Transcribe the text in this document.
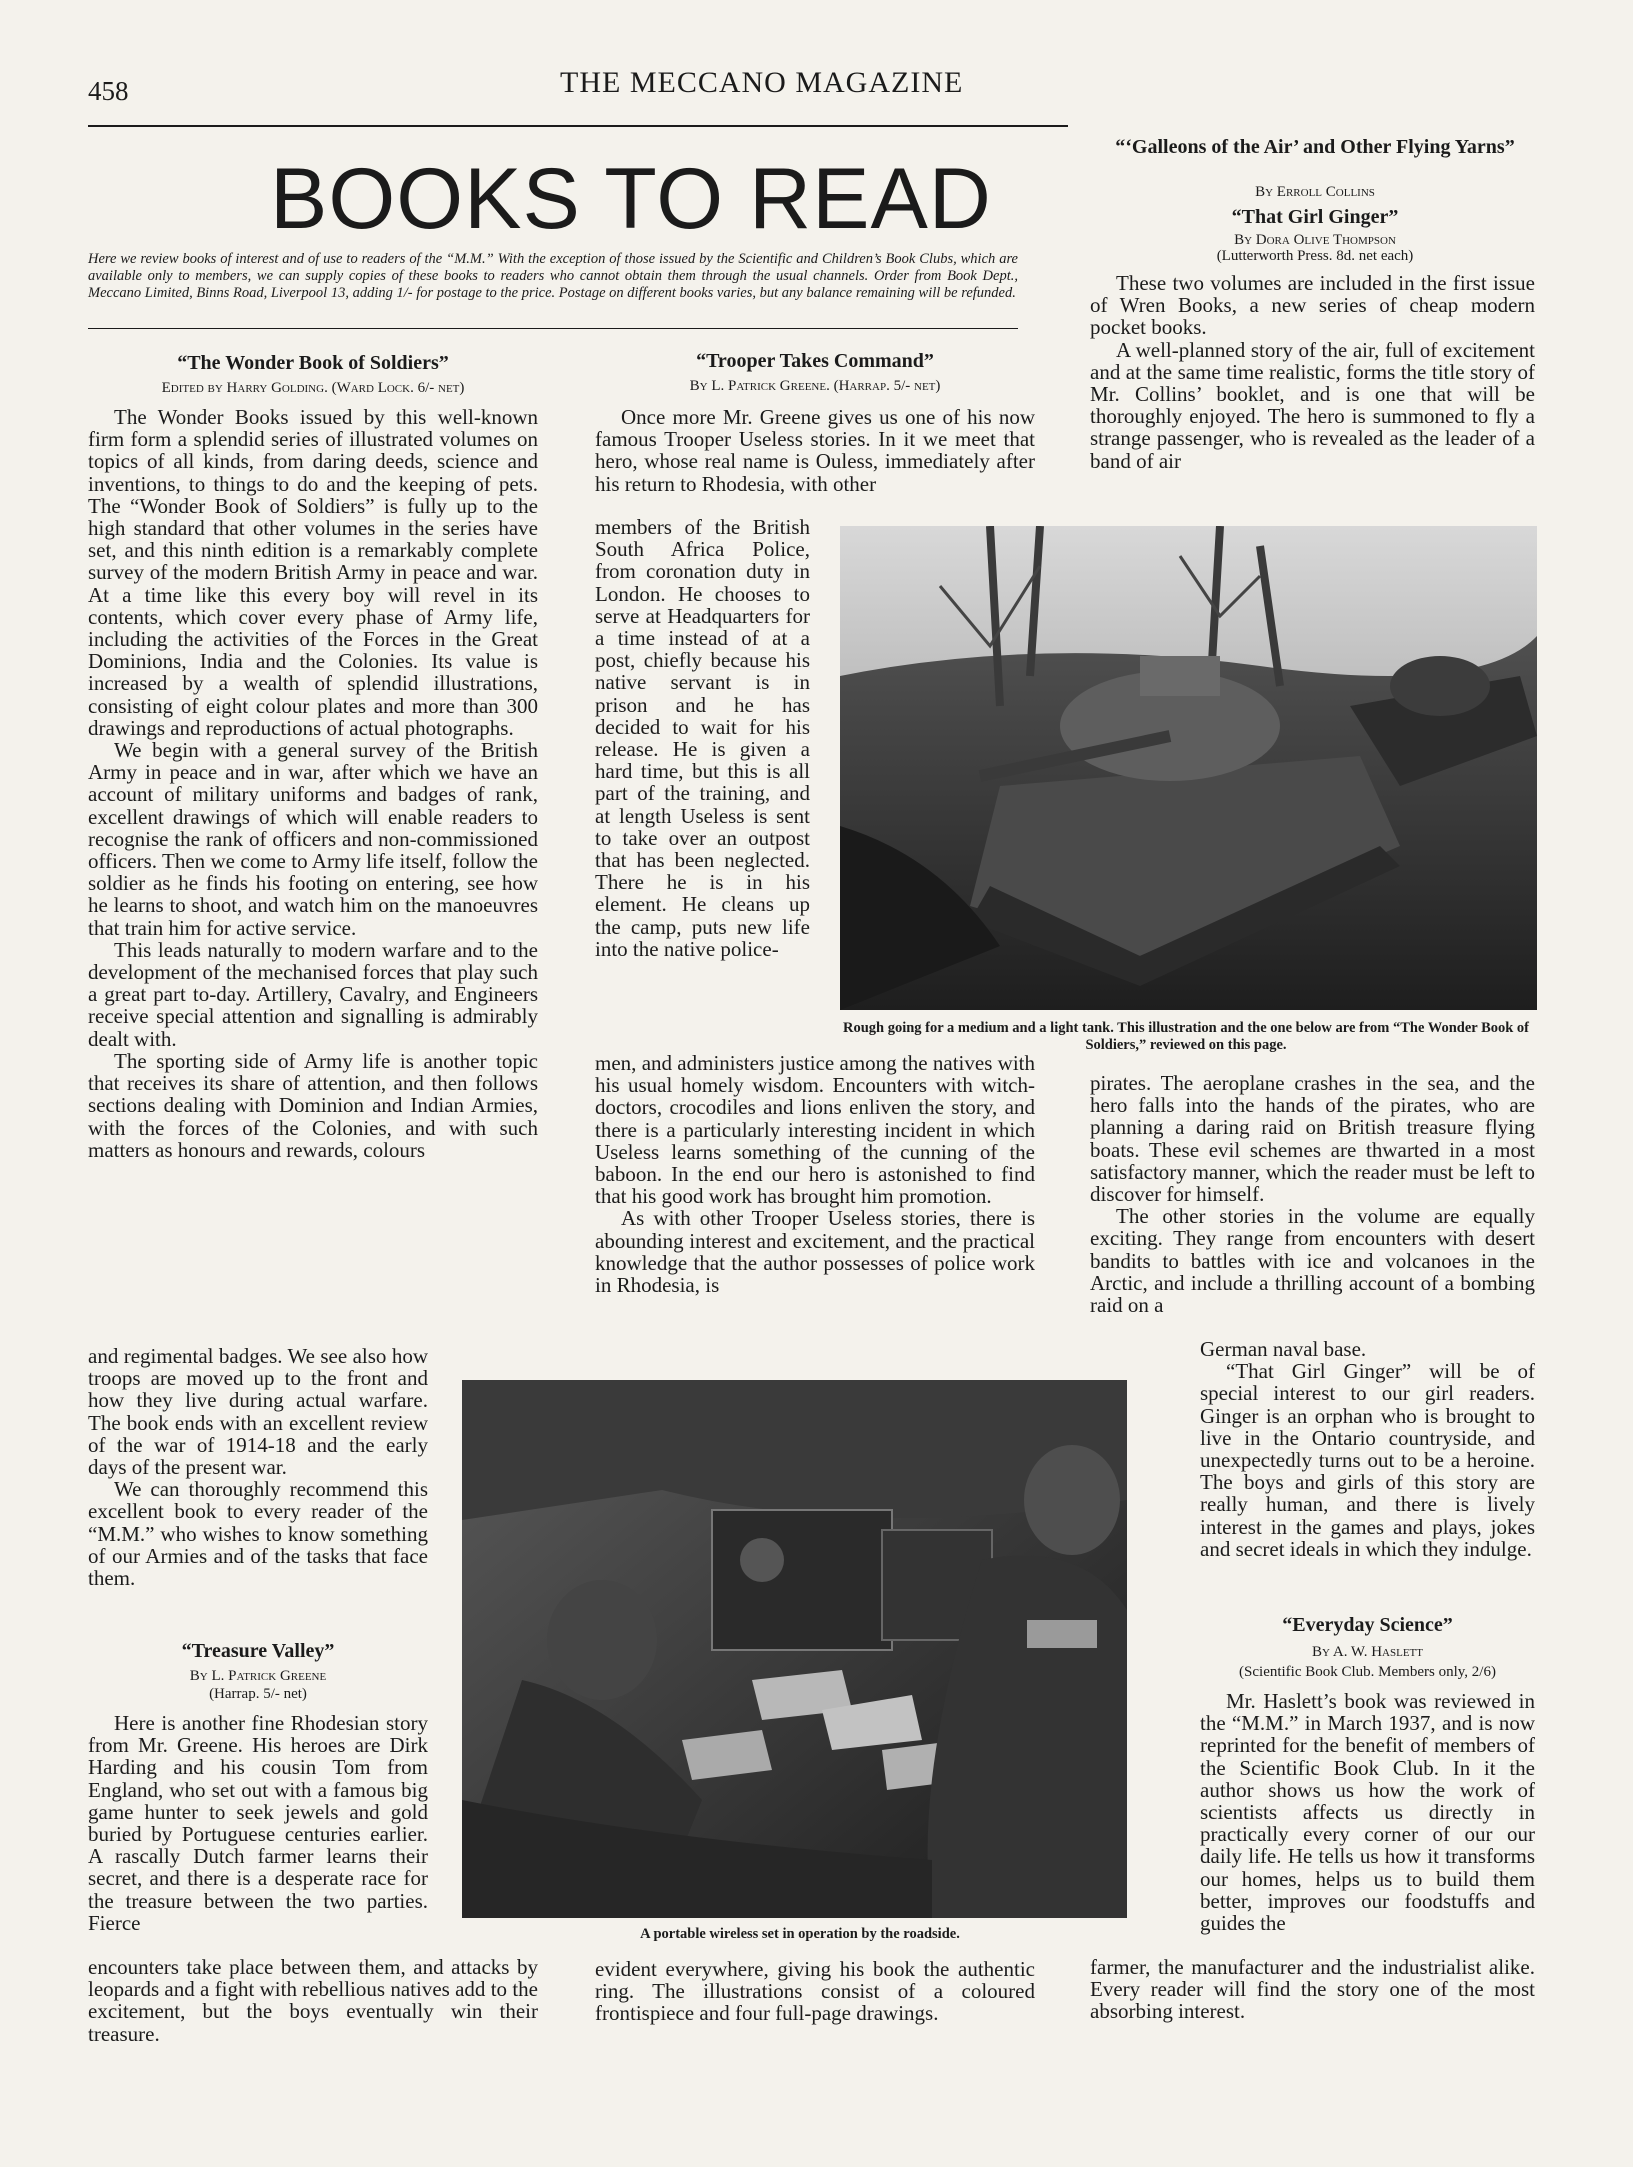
458	THE MECCANO MAGAZINE
BOOKS TO READ
Here we review books of interest and of use to readers of the “M.M.” With the exception of those issued by the Scientific and Children’s Book Clubs, which are available only to members, we can supply copies of these books to readers who cannot obtain them through the usual channels. Order from Book Dept., Meccano Limited, Binns Road, Liverpool 13, adding 1/- for postage to the price. Postage on different books varies, but any balance remaining will be refunded.
“The Wonder Book of Soldiers”
Edited by Harry Golding. (Ward Lock. 6/- net)

The Wonder Books issued by this well-known firm form a splendid series of illustrated volumes on topics of all kinds, from daring deeds, science and inventions, to things to do and the keeping of pets. The “Wonder Book of Soldiers” is fully up to the high standard that other volumes in the series have set, and this ninth edition is a remarkably complete survey of the modern British Army in peace and war. At a time like this every boy will revel in its contents, which cover every phase of Army life, including the activities of the Forces in the Great Dominions, India and the Colonies. Its value is increased by a wealth of splendid illustrations, consisting of eight colour plates and more than 300 drawings and reproductions of actual photographs.

We begin with a general survey of the British Army in peace and in war, after which we have an account of military uniforms and badges of rank, excellent drawings of which will enable readers to recognise the rank of officers and non-commissioned officers. Then we come to Army life itself, follow the soldier as he finds his footing on entering, see how he learns to shoot, and watch him on the manoeuvres that train him for active service.

This leads naturally to modern warfare and to the development of the mechanised forces that play such a great part to-day. Artillery, Cavalry, and Engineers receive special attention and signalling is admirably dealt with.

The sporting side of Army life is another topic that receives its share of attention, and then follows sections dealing with Dominion and Indian Armies, with the forces of the Colonies, and with such matters as honours and rewards, colours

and regimental badges. We see also how troops are moved up to the front and how they live during actual warfare. The book ends with an excellent review of the war of 1914-18 and the early days of the present war.

We can thoroughly recommend this excellent book to every reader of the “M.M.” who wishes to know something of our Armies and of the tasks that face them.

“Treasure Valley”
By L. Patrick Greene
(Harrap. 5/- net)

Here is another fine Rhodesian story from Mr. Greene. His heroes are Dirk Harding and his cousin Tom from England, who set out with a famous big game hunter to seek jewels and gold buried by Portuguese centuries earlier. A rascally Dutch farmer learns their secret, and there is a desperate race for the treasure between the two parties. Fierce

encounters take place between them, and attacks by leopards and a fight with rebellious natives add to the excitement, but the boys eventually win their treasure.

“Trooper Takes Command”
By L. Patrick Greene. (Harrap. 5/- net)

Once more Mr. Greene gives us one of his now famous Trooper Useless stories. In it we meet that hero, whose real name is Ouless, immediately after his return to Rhodesia, with other

members of the British South Africa Police, from coronation duty in London. He chooses to serve at Headquarters for a time instead of at a post, chiefly because his native servant is in prison and he has decided to wait for his release. He is given a hard time, but this is all part of the training, and at length Useless is sent to take over an outpost that has been neglected. There he is in his element. He cleans up the camp, puts new life into the native police-

men, and administers justice among the natives with his usual homely wisdom. Encounters with witch-doctors, crocodiles and lions enliven the story, and there is a particularly interesting incident in which Useless learns something of the cunning of the baboon. In the end our hero is astonished to find that his good work has brought him promotion.

As with other Trooper Useless stories, there is abounding interest and excitement, and the practical knowledge that the author possesses of police work in Rhodesia, is

evident everywhere, giving his book the authentic ring. The illustrations consist of a coloured frontispiece and four full-page drawings.

“‘Galleons of the Air’ and Other Flying Yarns”
By Erroll Collins
“That Girl Ginger”
By Dora Olive Thompson
(Lutterworth Press. 8d. net each)

These two volumes are included in the first issue of Wren Books, a new series of cheap modern pocket books.

A well-planned story of the air, full of excitement and at the same time realistic, forms the title story of Mr. Collins’ booklet, and is one that will be thoroughly enjoyed. The hero is summoned to fly a strange passenger, who is revealed as the leader of a band of air

pirates. The aeroplane crashes in the sea, and the hero falls into the hands of the pirates, who are planning a daring raid on British treasure flying boats. These evil schemes are thwarted in a most satisfactory manner, which the reader must be left to discover for himself.

The other stories in the volume are equally exciting. They range from encounters with desert bandits to battles with ice and volcanoes in the Arctic, and include a thrilling account of a bombing raid on a

German naval base.

“That Girl Ginger” will be of special interest to our girl readers. Ginger is an orphan who is brought to live in the Ontario countryside, and unexpectedly turns out to be a heroine. The boys and girls of this story are really human, and there is lively interest in the games and plays, jokes and secret ideals in which they indulge.

“Everyday Science”
By A. W. Haslett
(Scientific Book Club. Members only, 2/6)

Mr. Haslett’s book was reviewed in the “M.M.” in March 1937, and is now reprinted for the benefit of members of the Scientific Book Club. In it the author shows us how the work of scientists affects us directly in practically every corner of our our daily life. He tells us how it transforms our homes, helps us to build them better, improves our foodstuffs and guides the

farmer, the manufacturer and the industrialist alike. Every reader will find the story one of the most absorbing interest.

Rough going for a medium and a light tank. This illustration and the one below are from “The Wonder Book of Soldiers,” reviewed on this page.
A portable wireless set in operation by the roadside.
